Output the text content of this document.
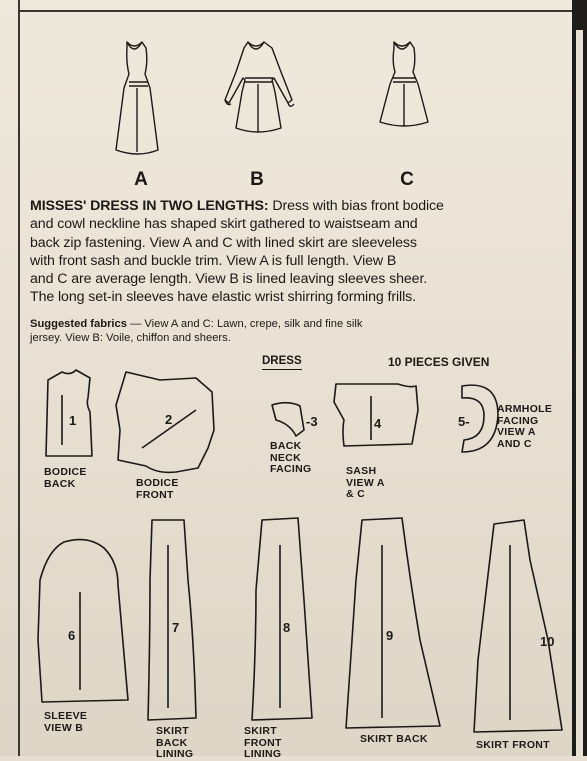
A	B	C
MISSES' DRESS IN TWO LENGTHS: Dress with bias front bodice
and cowl neckline has shaped skirt gathered to waistseam and
back zip fastening. View A and C with lined skirt are sleeveless
with front sash and buckle trim. View A is full length. View B
and C are average length. View B is lined leaving sleeves sheer.
The long set-in sleeves have elastic wrist shirring forming frills.
Suggested fabrics — View A and C: Lawn, crepe, silk and fine silk
jersey. View B: Voile, chiffon and sheers.
DRESS	10 PIECES GIVEN
1	2	-3	4	5-
6
7	8
9	10
BODICE
BACK	BODICE
FRONT
BACK
NECK
FACING	SASH
VIEW A
& C
ARMHOLE
FACING
VIEW A
AND C
SLEEVE
VIEW B	SKIRT
BACK
LINING
SKIRT
FRONT
LINING
SKIRT BACK	SKIRT FRONT
